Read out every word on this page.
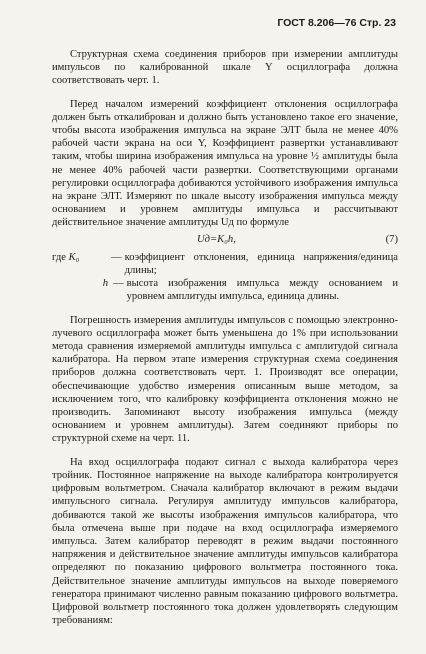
ГОСТ 8.206—76 Стр. 23

Структурная схема соединения приборов при измерении амплитуды импульсов по калиброванной шкале Y осциллографа должна соответствовать черт. 1.

Перед началом измерений коэффициент отклонения осциллографа должен быть откалиброван и должно быть установлено такое его значение, чтобы высота изображения импульса на экране ЭЛТ была не менее 40% рабочей части экрана на оси Y, Коэффициент развертки устанавливают таким, чтобы ширина изображения импульса на уровне ½ амплитуды была не менее 40% рабочей части развертки. Соответствующими органами регулировки осциллографа добиваются устойчивого изображения импульса на экране ЭЛТ. Измеряют по шкале высоту изображения импульса между основанием и уровнем амплитуды импульса и рассчитывают действительное значение амплитуды Uд по формуле

Uд=K₀h,	(7)
где K₀	— коэффициент отклонения, единица напряжения/единица длины;
h — высота изображения импульса между основанием и уровнем амплитуды импульса, единица длины.

Погрешность измерения амплитуды импульсов с помощью электронно-лучевого осциллографа может быть уменьшена до 1% при использовании метода сравнения измеряемой амплитуды импульса с амплитудой сигнала калибратора. На первом этапе измерения структурная схема соединения приборов должна соответствовать черт. 1. Производят все операции, обеспечивающие удобство измерения описанным выше методом, за исключением того, что калибровку коэффициента отклонения можно не производить. Запоминают высоту изображения импульса (между основанием и уровнем амплитуды). Затем соединяют приборы по структурной схеме на черт. 11.

На вход осциллографа подают сигнал с выхода калибратора через тройник. Постоянное напряжение на выходе калибратора контролируется цифровым вольтметром. Сначала калибратор включают в режим выдачи импульсного сигнала. Регулируя амплитуду импульсов калибратора, добиваются такой же высоты изображения импульсов калибратора, что была отмечена выше при подаче на вход осциллографа измеряемого импульса. Затем калибратор переводят в режим выдачи постоянного напряжения и действительное значение амплитуды импульсов калибратора определяют по показанию цифрового вольтметра постоянного тока. Действительное значение амплитуды импульсов на выходе поверяемого генератора принимают численно равным показанию цифрового вольтметра. Цифровой вольтметр постоянного тока должен удовлетворять следующим требованиям:
